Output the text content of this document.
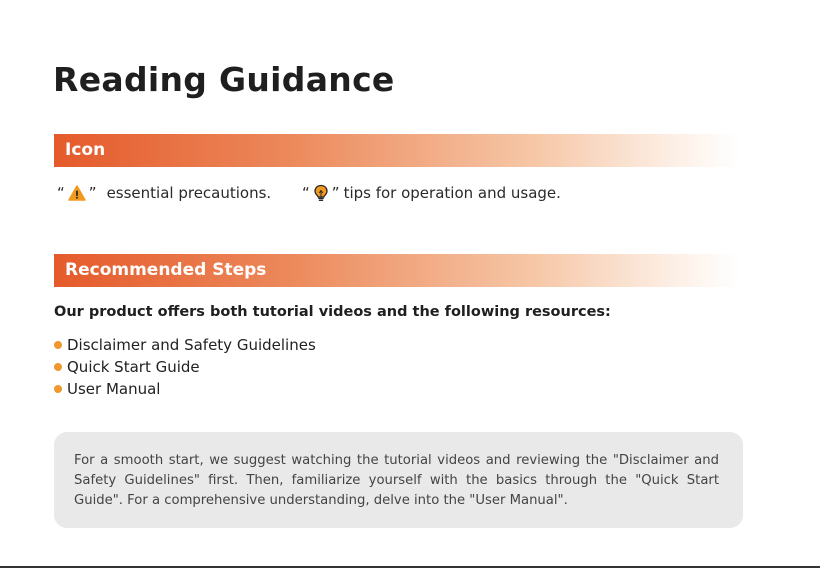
Reading Guidance
Icon
“ ” essential precautions. “ ” tips for operation and usage.
Recommended Steps

Our product offers both tutorial videos and the following resources:

Disclaimer and Safety Guidelines
Quick Start Guide
User Manual

For a smooth start, we suggest watching the tutorial videos and reviewing the "Disclaimer and Safety Guidelines" first. Then, familiarize yourself with the basics through the "Quick Start Guide". For a comprehensive understanding, delve into the "User Manual".
